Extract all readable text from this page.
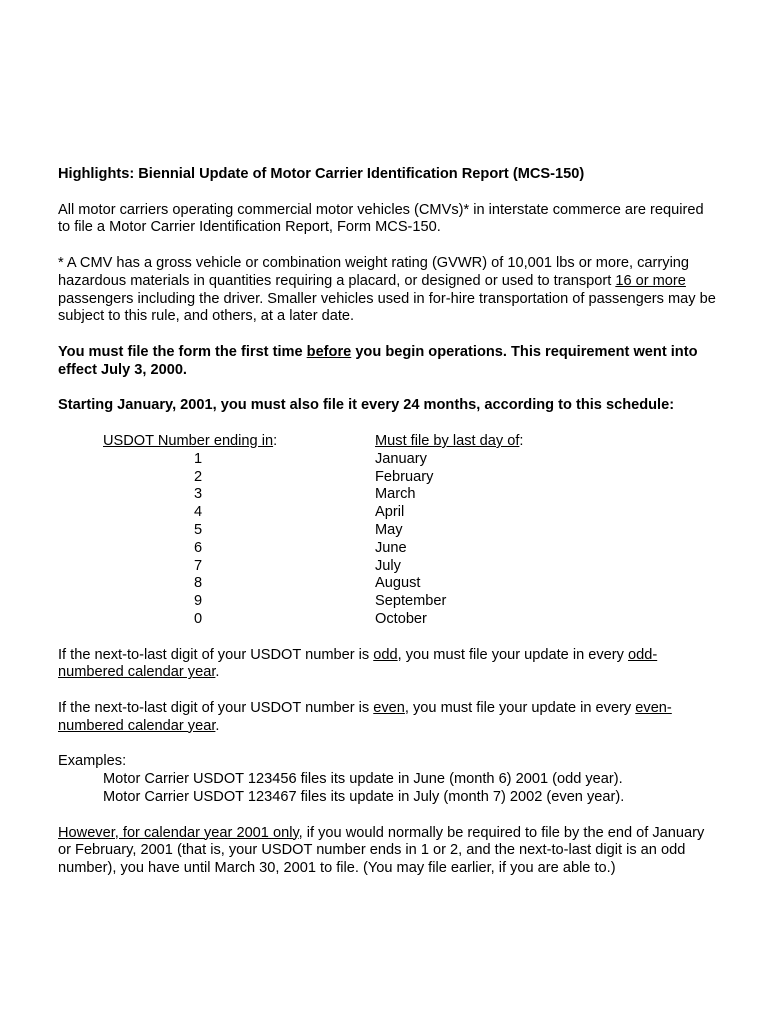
Highlights: Biennial Update of Motor Carrier Identification Report (MCS-150)

All motor carriers operating commercial motor vehicles (CMVs)* in interstate commerce are required to file a Motor Carrier Identification Report, Form MCS-150.

* A CMV has a gross vehicle or combination weight rating (GVWR) of 10,001 lbs or more, carrying hazardous materials in quantities requiring a placard, or designed or used to transport 16 or more passengers including the driver. Smaller vehicles used in for-hire transportation of passengers may be subject to this rule, and others, at a later date.

You must file the form the first time before you begin operations. This requirement went into effect July 3, 2000.

Starting January, 2001, you must also file it every 24 months, according to this schedule:

USDOT Number ending in:
1
2
3
4
5
6
7
8
9
0
Must file by last day of:
January
February
March
April
May
June
July
August
September
October

If the next-to-last digit of your USDOT number is odd, you must file your update in every odd-numbered calendar year.

If the next-to-last digit of your USDOT number is even, you must file your update in every even-numbered calendar year.

Examples:

Motor Carrier USDOT 123456 files its update in June (month 6) 2001 (odd year).

Motor Carrier USDOT 123467 files its update in July (month 7) 2002 (even year).

However, for calendar year 2001 only, if you would normally be required to file by the end of January or February, 2001 (that is, your USDOT number ends in 1 or 2, and the next-to-last digit is an odd number), you have until March 30, 2001 to file. (You may file earlier, if you are able to.)
